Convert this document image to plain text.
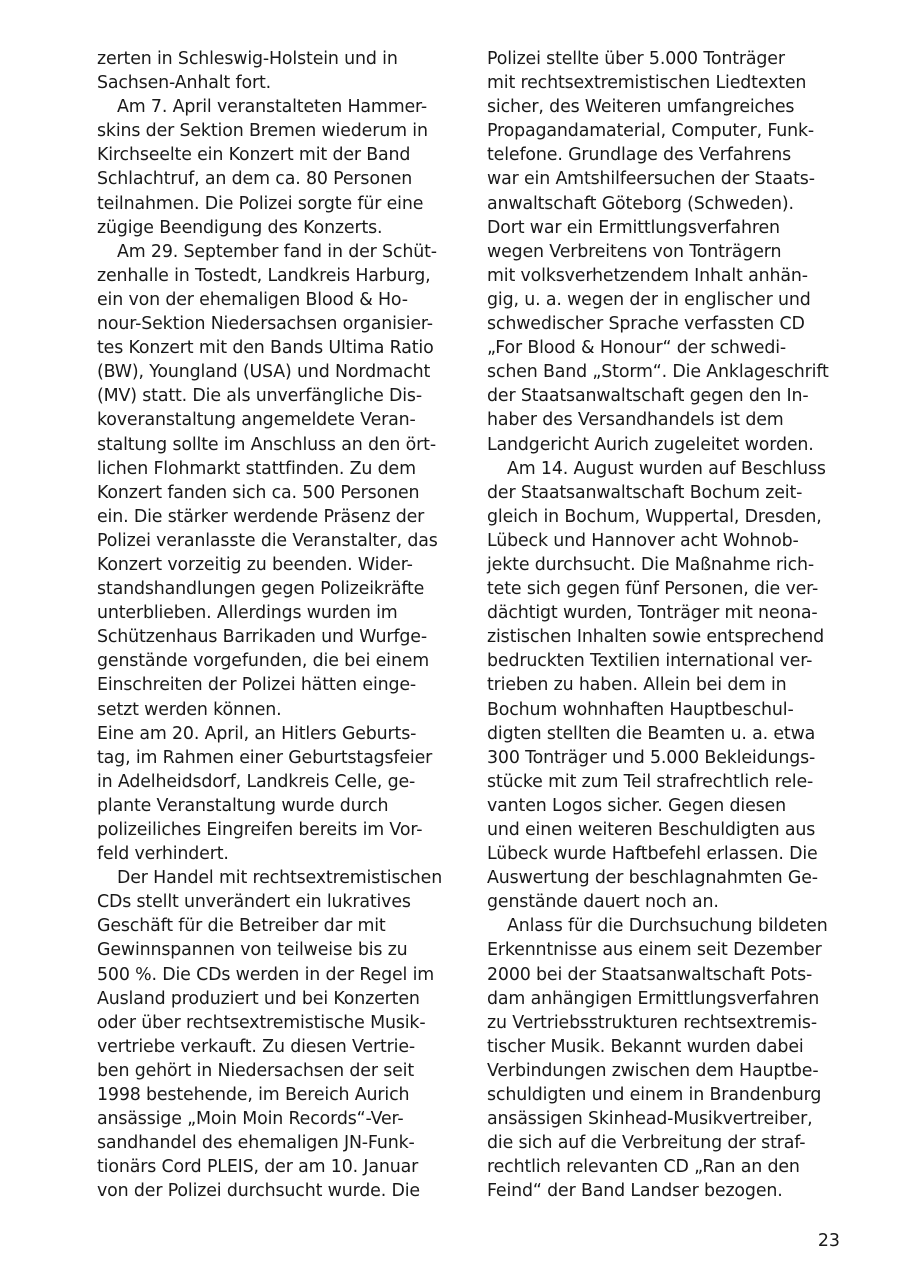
zerten in Schleswig-Holstein und in
Sachsen-Anhalt fort.
Am 7. April veranstalteten Hammer-
skins der Sektion Bremen wiederum in
Kirchseelte ein Konzert mit der Band
Schlachtruf, an dem ca. 80 Personen
teilnahmen. Die Polizei sorgte für eine
zügige Beendigung des Konzerts.
Am 29. September fand in der Schüt-
zenhalle in Tostedt, Landkreis Harburg,
ein von der ehemaligen Blood & Ho-
nour-Sektion Niedersachsen organisier-
tes Konzert mit den Bands Ultima Ratio
(BW), Youngland (USA) und Nordmacht
(MV) statt. Die als unverfängliche Dis-
koveranstaltung angemeldete Veran-
staltung sollte im Anschluss an den ört-
lichen Flohmarkt stattfinden. Zu dem
Konzert fanden sich ca. 500 Personen
ein. Die stärker werdende Präsenz der
Polizei veranlasste die Veranstalter, das
Konzert vorzeitig zu beenden. Wider-
standshandlungen gegen Polizeikräfte
unterblieben. Allerdings wurden im
Schützenhaus Barrikaden und Wurfge-
genstände vorgefunden, die bei einem
Einschreiten der Polizei hätten einge-
setzt werden können.
Eine am 20. April, an Hitlers Geburts-
tag, im Rahmen einer Geburtstagsfeier
in Adelheidsdorf, Landkreis Celle, ge-
plante Veranstaltung wurde durch
polizeiliches Eingreifen bereits im Vor-
feld verhindert.
Der Handel mit rechtsextremistischen
CDs stellt unverändert ein lukratives
Geschäft für die Betreiber dar mit
Gewinnspannen von teilweise bis zu
500 %. Die CDs werden in der Regel im
Ausland produziert und bei Konzerten
oder über rechtsextremistische Musik-
vertriebe verkauft. Zu diesen Vertrie-
ben gehört in Niedersachsen der seit
1998 bestehende, im Bereich Aurich
ansässige „Moin Moin Records“-Ver-
sandhandel des ehemaligen JN-Funk-
tionärs Cord PLEIS, der am 10. Januar
von der Polizei durchsucht wurde. Die
Polizei stellte über 5.000 Tonträger
mit rechtsextremistischen Liedtexten
sicher, des Weiteren umfangreiches
Propagandamaterial, Computer, Funk-
telefone. Grundlage des Verfahrens
war ein Amtshilfeersuchen der Staats-
anwaltschaft Göteborg (Schweden).
Dort war ein Ermittlungsverfahren
wegen Verbreitens von Tonträgern
mit volksverhetzendem Inhalt anhän-
gig, u. a. wegen der in englischer und
schwedischer Sprache verfassten CD
„For Blood & Honour“ der schwedi-
schen Band „Storm“. Die Anklageschrift
der Staatsanwaltschaft gegen den In-
haber des Versandhandels ist dem
Landgericht Aurich zugeleitet worden.
Am 14. August wurden auf Beschluss
der Staatsanwaltschaft Bochum zeit-
gleich in Bochum, Wuppertal, Dresden,
Lübeck und Hannover acht Wohnob-
jekte durchsucht. Die Maßnahme rich-
tete sich gegen fünf Personen, die ver-
dächtigt wurden, Tonträger mit neona-
zistischen Inhalten sowie entsprechend
bedruckten Textilien international ver-
trieben zu haben. Allein bei dem in
Bochum wohnhaften Hauptbeschul-
digten stellten die Beamten u. a. etwa
300 Tonträger und 5.000 Bekleidungs-
stücke mit zum Teil strafrechtlich rele-
vanten Logos sicher. Gegen diesen
und einen weiteren Beschuldigten aus
Lübeck wurde Haftbefehl erlassen. Die
Auswertung der beschlagnahmten Ge-
genstände dauert noch an.
Anlass für die Durchsuchung bildeten
Erkenntnisse aus einem seit Dezember
2000 bei der Staatsanwaltschaft Pots-
dam anhängigen Ermittlungsverfahren
zu Vertriebsstrukturen rechtsextremis-
tischer Musik. Bekannt wurden dabei
Verbindungen zwischen dem Hauptbe-
schuldigten und einem in Brandenburg
ansässigen Skinhead-Musikvertreiber,
die sich auf die Verbreitung der straf-
rechtlich relevanten CD „Ran an den
Feind“ der Band Landser bezogen.
23
